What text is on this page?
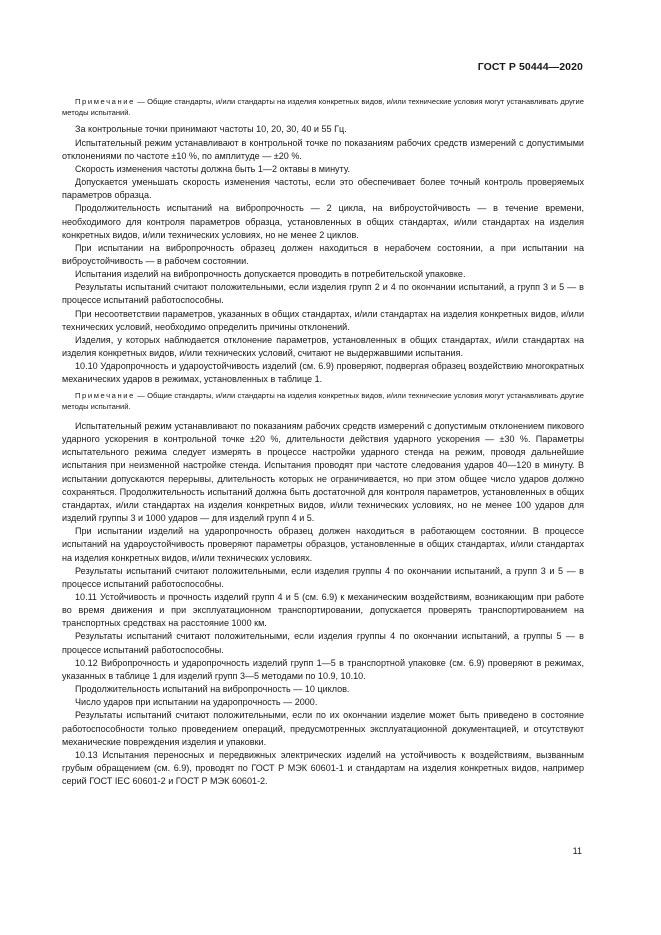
ГОСТ Р 50444—2020

Примечание — Общие стандарты, и/или стандарты на изделия конкретных видов, и/или технические условия могут устанавливать другие методы испытаний.

За контрольные точки принимают частоты 10, 20, 30, 40 и 55 Гц.

Испытательный режим устанавливают в контрольной точке по показаниям рабочих средств измерений с допустимыми отклонениями по частоте ±10 %, по амплитуде — ±20 %.

Скорость изменения частоты должна быть 1—2 октавы в минуту.

Допускается уменьшать скорость изменения частоты, если это обеспечивает более точный контроль проверяемых параметров образца.

Продолжительность испытаний на вибропрочность — 2 цикла, на виброустойчивость — в течение времени, необходимого для контроля параметров образца, установленных в общих стандартах, и/или стандартах на изделия конкретных видов, и/или технических условиях, но не менее 2 циклов.

При испытании на вибропрочность образец должен находиться в нерабочем состоянии, а при испытании на виброустойчивость — в рабочем состоянии.

Испытания изделий на вибропрочность допускается проводить в потребительской упаковке.

Результаты испытаний считают положительными, если изделия групп 2 и 4 по окончании испытаний, а групп 3 и 5 — в процессе испытаний работоспособны.

При несоответствии параметров, указанных в общих стандартах, и/или стандартах на изделия конкретных видов, и/или технических условий, необходимо определить причины отклонений.

Изделия, у которых наблюдается отклонение параметров, установленных в общих стандартах, и/или стандартах на изделия конкретных видов, и/или технических условий, считают не выдержавшими испытания.

10.10 Ударопрочность и удароустойчивость изделий (см. 6.9) проверяют, подвергая образец воздействию многократных механических ударов в режимах, установленных в таблице 1.

Примечание — Общие стандарты, и/или стандарты на изделия конкретных видов, и/или технические условия могут устанавливать другие методы испытаний.

Испытательный режим устанавливают по показаниям рабочих средств измерений с допустимым отклонением пикового ударного ускорения в контрольной точке ±20 %, длительности действия ударного ускорения — ±30 %. Параметры испытательного режима следует измерять в процессе настройки ударного стенда на режим, проводя дальнейшие испытания при неизменной настройке стенда. Испытания проводят при частоте следования ударов 40—120 в минуту. В испытании допускаются перерывы, длительность которых не ограничивается, но при этом общее число ударов должно сохраняться. Продолжительность испытаний должна быть достаточной для контроля параметров, установленных в общих стандартах, и/или стандартах на изделия конкретных видов, и/или технических условиях, но не менее 100 ударов для изделий группы 3 и 1000 ударов — для изделий групп 4 и 5.

При испытании изделий на ударопрочность образец должен находиться в работающем состоянии. В процессе испытаний на удароустойчивость проверяют параметры образцов, установленные в общих стандартах, и/или стандартах на изделия конкретных видов, и/или технических условиях.

Результаты испытаний считают положительными, если изделия группы 4 по окончании испытаний, а групп 3 и 5 — в процессе испытаний работоспособны.

10.11 Устойчивость и прочность изделий групп 4 и 5 (см. 6.9) к механическим воздействиям, возникающим при работе во время движения и при эксплуатационном транспортировании, допускается проверять транспортированием на транспортных средствах на расстояние 1000 км.

Результаты испытаний считают положительными, если изделия группы 4 по окончании испытаний, а группы 5 — в процессе испытаний работоспособны.

10.12 Вибропрочность и удaропрочность изделий групп 1—5 в транспортной упаковке (см. 6.9) проверяют в режимах, указанных в таблице 1 для изделий групп 3—5 методами по 10.9, 10.10.

Продолжительность испытаний на вибропрочность — 10 циклов.

Число ударов при испытании на ударопрочность — 2000.

Результаты испытаний считают положительными, если по их окончании изделие может быть приведено в состояние работоспособности только проведением операций, предусмотренных эксплуатационной документацией, и отсутствуют механические повреждения изделия и упаковки.

10.13 Испытания переносных и передвижных электрических изделий на устойчивость к воздействиям, вызванным грубым обращением (см. 6.9), проводят по ГОСТ Р МЭК 60601-1 и стандартам на изделия конкретных видов, например серий ГОСТ IEC 60601-2 и ГОСТ Р МЭК 60601-2.

11
